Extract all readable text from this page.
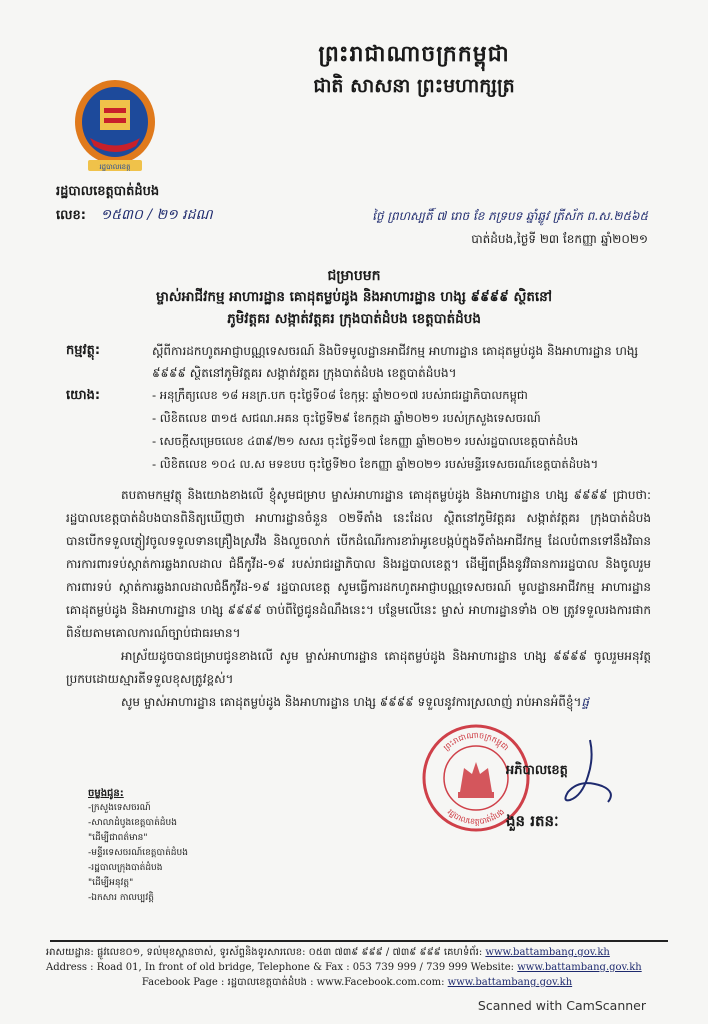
ព្រះរាជាណាចក្រកម្ពុជា
ជាតិ សាសនា ព្រះមហាក្សត្រ
រដ្ឋបាលខេត្ត
រដ្ឋបាលខេត្តបាត់ដំបង
លេខ: ១៥៣០ / ២១ រដណ	ថ្ងៃ ព្រហស្បតិ៍ ៧ រោច ខែ ភទ្របទ ឆ្នាំឆ្លូវ ត្រីស័ក ព.ស.២៥៦៥
បាត់ដំបង,ថ្ងៃទី ២៣ ខែកញ្ញា ឆ្នាំ២០២១
ជម្រាបមក
ម្ចាស់អាជីវកម្ម អាហារដ្ឋាន គោដុតម្លប់ដូង និងអាហារដ្ឋាន ហង្ស ៩៩៩៩ ស្ថិតនៅ
ភូមិវត្តគរ សង្កាត់វត្តគរ ក្រុងបាត់ដំបង ខេត្តបាត់ដំបង
កម្មវត្ថុ:	ស្ដីពីការដកហូតអាជ្ញាបណ្ណទេសចរណ៍ និងបិទមូលដ្ឋានអាជីវកម្ម អាហារដ្ឋាន គោដុតម្លប់ដូង និងអាហារដ្ឋាន ហង្ស ៩៩៩៩ ស្ថិតនៅភូមិវត្តគរ សង្កាត់វត្តគរ ក្រុងបាត់ដំបង ខេត្តបាត់ដំបង។
យោង:	- អនុក្រឹត្យលេខ ១៨ អនក្រ.បក ចុះថ្ងៃទី០៨ ខែកុម្ភៈ ឆ្នាំ២០១៧ របស់រាជរដ្ឋាភិបាលកម្ពុជា
- លិខិតលេខ ៣១៥ សជណ.អគន ចុះថ្ងៃទី២៩ ខែកក្កដា ឆ្នាំ២០២១ របស់ក្រសួងទេសចរណ៍
- សេចក្ដីសម្រេចលេខ ៤៣៩/២១ សសរ ចុះថ្ងៃទី១៧ ខែកញ្ញា ឆ្នាំ២០២១ របស់រដ្ឋបាលខេត្តបាត់ដំបង
- លិខិតលេខ ១០៤ ល.ស មទខបប ចុះថ្ងៃទី២០ ខែកញ្ញា ឆ្នាំ២០២១ របស់មន្ទីរទេសចរណ៍ខេត្តបាត់ដំបង។

តបតាមកម្មវត្ថុ និងយោងខាងលើ ខ្ញុំសូមជម្រាប ម្ចាស់អាហារដ្ឋាន គោដុតម្លប់ដូង និងអាហារដ្ឋាន ហង្ស ៩៩៩៩ ជ្រាបថា: រដ្ឋបាលខេត្តបាត់ដំបងបានពិនិត្យឃើញថា អាហារដ្ឋានចំនួន ០២ទីតាំង នេះដែល ស្ថិតនៅភូមិវត្តគរ សង្កាត់វត្តគរ ក្រុងបាត់ដំបង បានបើកទទួលភ្ញៀវចូលទទួលទានគ្រឿងស្រវឹង និងលួចលាក់ បើកដំណើរការខារ៉ាអូខេបង្កប់ក្នុងទីតាំងអាជីវកម្ម ដែលបំពានទៅនឹងវិធានការការពារទប់ស្កាត់ការឆ្លងរាលដាល ជំងឺកូវីដ-១៩ របស់រាជរដ្ឋាភិបាល និងរដ្ឋបាលខេត្ត។ ដើម្បីពង្រឹងនូវវិធានការរដ្ឋបាល និងចូលរួមការពារទប់ ស្កាត់ការឆ្លងរាលដាលជំងឺកូវីដ-១៩ រដ្ឋបាលខេត្ត សូមធ្វើការដកហូតអាជ្ញាបណ្ណទេសចរណ៍ មូលដ្ឋានអាជីវកម្ម អាហារដ្ឋាន គោដុតម្លប់ដូង និងអាហារដ្ឋាន ហង្ស ៩៩៩៩ ចាប់ពីថ្ងៃជូនដំណឹងនេះ។ បន្ថែមលើនេះ ម្ចាស់ អាហារដ្ឋានទាំង ០២ ត្រូវទទួលរងការផាកពិន័យតាមគោលការណ៍ច្បាប់ជាធរមាន។

អាស្រ័យដូចបានជម្រាបជូនខាងលើ សូម ម្ចាស់អាហារដ្ឋាន គោដុតម្លប់ដូង និងអាហារដ្ឋាន ហង្ស ៩៩៩៩ ចូលរួមអនុវត្តប្រកបដោយស្មារតីទទួលខុសត្រូវខ្ពស់។

សូម ម្ចាស់អាហារដ្ឋាន គោដុតម្លប់ដូង និងអាហារដ្ឋាន ហង្ស ៩៩៩៩ ទទួលនូវការស្រលាញ់ រាប់អានអំពីខ្ញុំ។ផ្ទ

ចម្លងជូន:
-ក្រសួងទេសចរណ៍
-សាលាដំបូងខេត្តបាត់ដំបង
"ដើម្បីជាពត៌មាន"
-មន្ទីរទេសចរណ៍ខេត្តបាត់ដំបង
-រដ្ឋបាលក្រុងបាត់ដំបង
"ដើម្បីអនុវត្ត"
-ឯកសារ កាលប្បវត្តិ
ព្រះរាជាណាចក្រកម្ពុជា
រដ្ឋបាលខេត្តបាត់ដំបង
អភិបាលខេត្ត
ងួន រតនៈ
អាសយដ្ឋាន: ផ្លូវលេខ០១, ទល់មុខស្ពានចាស់, ទូរស័ព្ទនិងទូរសារលេខ: ០៥៣ ៧៣៩ ៩៩៩ / ៧៣៩ ៩៩៩ គេហទំព័រ: www.battambang.gov.kh
Address : Road 01, In front of old bridge, Telephone & Fax : 053 739 999 / 739 999 Website: www.battambang.gov.kh
Facebook Page : រដ្ឋបាលខេត្តបាត់ដំបង : www.Facebook.com.com: www.battambang.gov.kh
Scanned with CamScanner
